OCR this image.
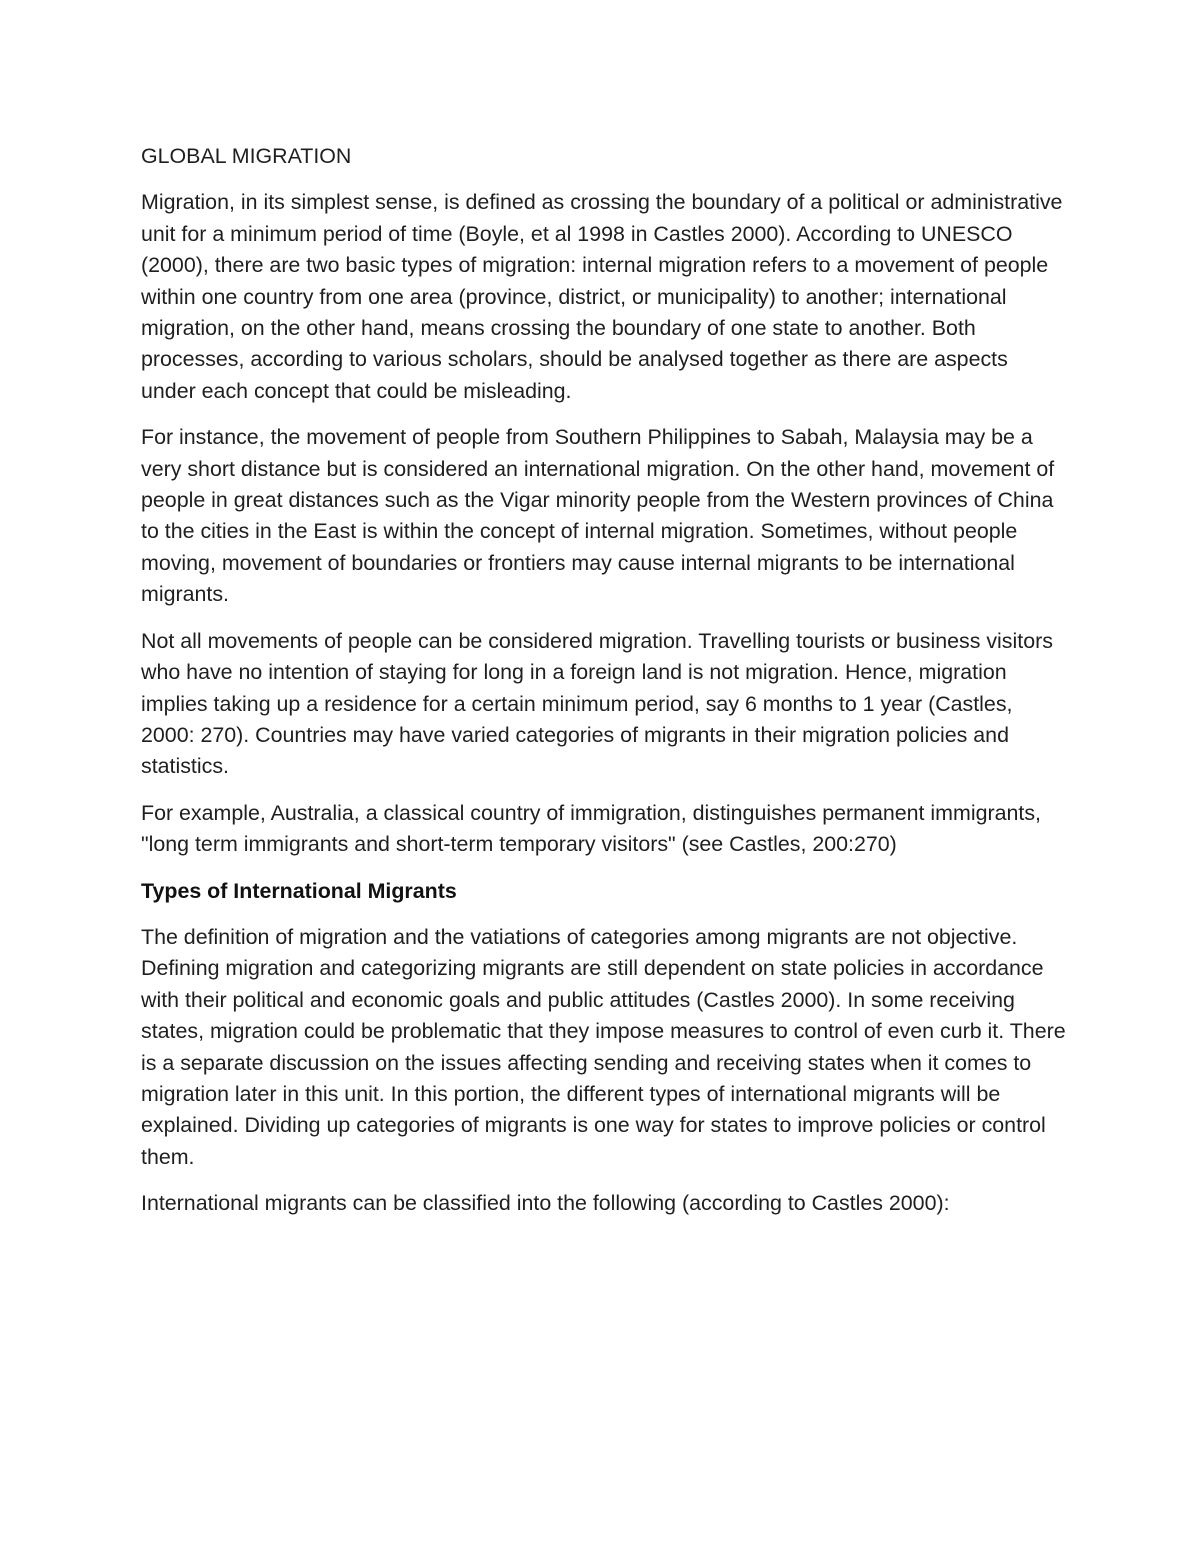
GLOBAL MIGRATION

Migration, in its simplest sense, is defined as crossing the boundary of a political or administrative unit for a minimum period of time (Boyle, et al 1998 in Castles 2000). According to UNESCO (2000), there are two basic types of migration: internal migration refers to a movement of people within one country from one area (province, district, or municipality) to another; international migration, on the other hand, means crossing the boundary of one state to another. Both processes, according to various scholars, should be analysed together as there are aspects under each concept that could be misleading.

For instance, the movement of people from Southern Philippines to Sabah, Malaysia may be a very short distance but is considered an international migration. On the other hand, movement of people in great distances such as the Vigar minority people from the Western provinces of China to the cities in the East is within the concept of internal migration. Sometimes, without people moving, movement of boundaries or frontiers may cause internal migrants to be international migrants.

Not all movements of people can be considered migration. Travelling tourists or business visitors who have no intention of staying for long in a foreign land is not migration. Hence, migration implies taking up a residence for a certain minimum period, say 6 months to 1 year (Castles, 2000: 270). Countries may have varied categories of migrants in their migration policies and statistics.

For example, Australia, a classical country of immigration, distinguishes permanent immigrants, "long term immigrants and short-term temporary visitors" (see Castles, 200:270)

Types of International Migrants

The definition of migration and the vatiations of categories among migrants are not objective. Defining migration and categorizing migrants are still dependent on state policies in accordance with their political and economic goals and public attitudes (Castles 2000). In some receiving states, migration could be problematic that they impose measures to control of even curb it. There is a separate discussion on the issues affecting sending and receiving states when it comes to migration later in this unit. In this portion, the different types of international migrants will be explained. Dividing up categories of migrants is one way for states to improve policies or control them.

International migrants can be classified into the following (according to Castles 2000):
